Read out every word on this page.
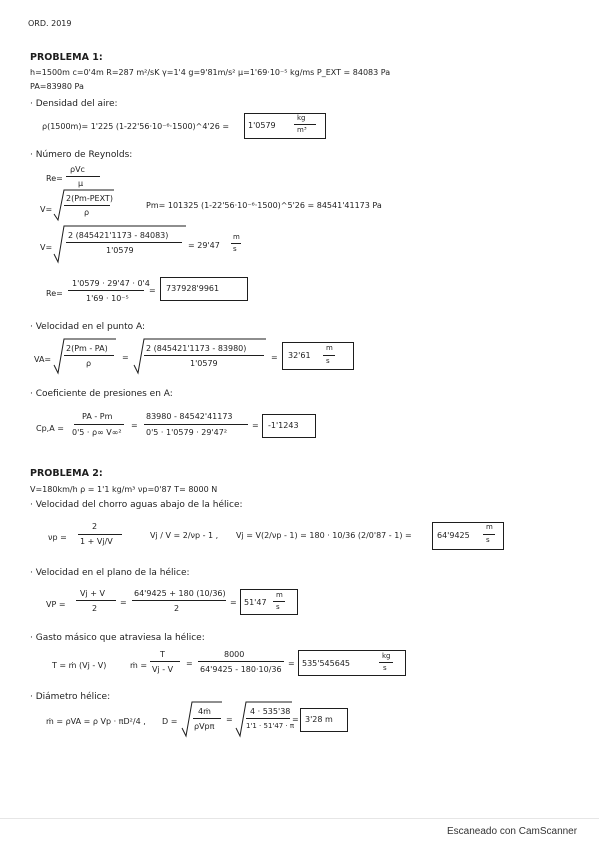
ORD. 2019
PROBLEMA 1:
h=1500m c=0'4m R=287 m²/sK γ=1'4 g=9'81m/s² μ=1'69·10⁻⁵ kg/ms P_EXT = 84083 Pa
PA=83980 Pa
· Densidad del aire:
ρ(1500m)= 1'225 (1-22'56·10⁻⁶·1500)^4'26 = 1'0579
kg
m³
· Número de Reynolds:
Re=
ρVc
μ
V=
2(Pm-PEXT)
ρ
Pm= 101325 (1-22'56·10⁻⁶·1500)^5'26 = 84541'41173 Pa
V=
2 (845421'1173 - 84083)
1'0579
= 29'47
m
s
Re=
1'0579 · 29'47 · 0'4
1'69 · 10⁻⁵
= 737928'9961
· Velocidad en el punto A:
VA=
2(Pm - PA)
ρ
=
2 (845421'1173 - 83980)
1'0579
= 32'61
m
s
· Coeficiente de presiones en A:
Cp,A =
PA - Pm
0'5 · ρ∞ V∞²
=
83980 - 84542'41173
0'5 · 1'0579 · 29'47²
= -1'1243
PROBLEMA 2:
V=180km/h ρ = 1'1 kg/m³ νp=0'87 T= 8000 N
· Velocidad del chorro aguas abajo de la hélice:
νp =
2
1 + Vj/V
Vj / V = 2/νp - 1 , Vj = V(2/νp - 1) = 180 · 10/36 (2/0'87 - 1) =	64'9425
m
s
· Velocidad en el plano de la hélice:
VP =
Vj + V
2
=
64'9425 + 180 (10/36)
2
= 51'47
m
s
· Gasto másico que atraviesa la hélice:
T = ṁ (Vj - V)	ṁ =
T
Vj - V
=
8000
64'9425 - 180·10/36
= 535'545645
kg
s
· Diámetro hélice:
ṁ = ρVA = ρ Vp · πD²/4 , D =
4ṁ
ρVpπ
=
4 · 535'38
1'1 · 51'47 · π
= 3'28 m
Escaneado con CamScanner
